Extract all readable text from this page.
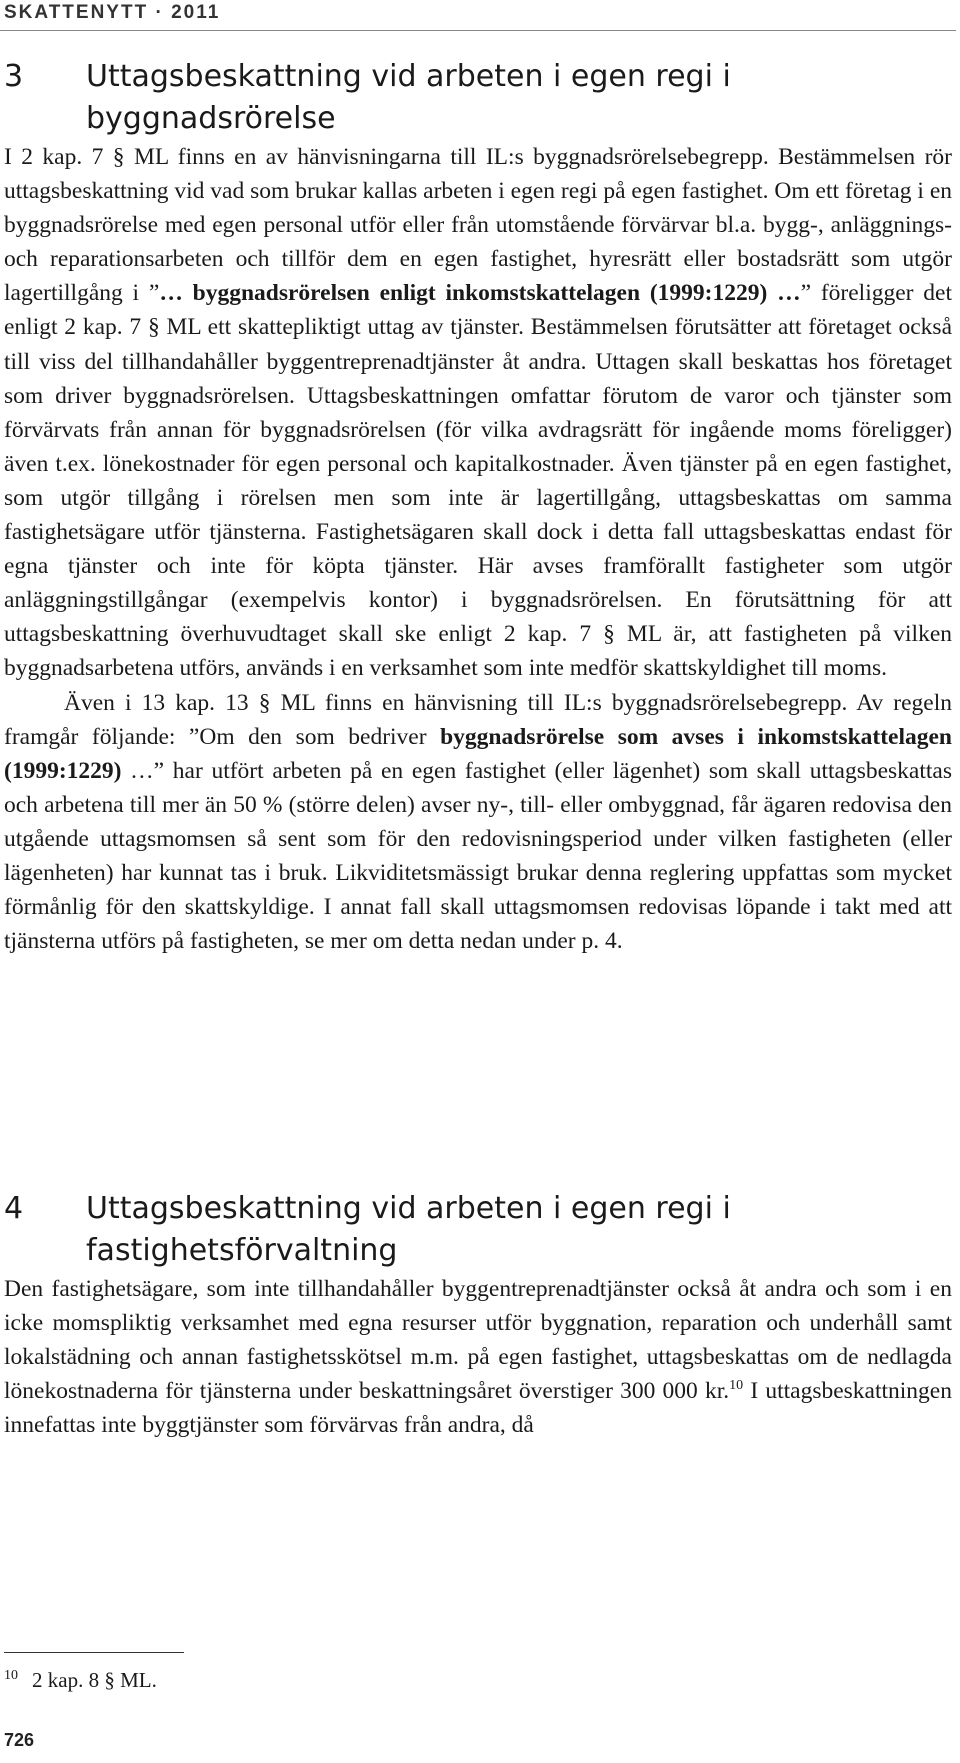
SKATTENYTT · 2011
3	Uttagsbeskattning vid arbeten i egen regi i byggnadsrörelse

I 2 kap. 7 § ML finns en av hänvisningarna till IL:s byggnadsrörelsebegrepp. Bestämmelsen rör uttagsbeskattning vid vad som brukar kallas arbeten i egen regi på egen fastighet. Om ett företag i en byggnadsrörelse med egen personal utför eller från utomstående förvärvar bl.a. bygg-, anläggnings- och reparationsarbeten och tillför dem en egen fastighet, hyresrätt eller bostadsrätt som utgör lagertillgång i ”… byggnadsrörelsen enligt inkomstskattelagen (1999:1229) …” föreligger det enligt 2 kap. 7 § ML ett skattepliktigt uttag av tjänster. Bestämmelsen förutsätter att företaget också till viss del tillhandahåller byggentreprenadtjänster åt andra. Uttagen skall beskattas hos företaget som driver byggnadsrörelsen. Uttagsbeskattningen omfattar förutom de varor och tjänster som förvärvats från annan för byggnadsrörelsen (för vilka avdragsrätt för ingående moms föreligger) även t.ex. lönekostnader för egen personal och kapitalkostnader. Även tjänster på en egen fastighet, som utgör tillgång i rörelsen men som inte är lagertillgång, uttagsbeskattas om samma fastighetsägare utför tjänsterna. Fastighetsägaren skall dock i detta fall uttagsbeskattas endast för egna tjänster och inte för köpta tjänster. Här avses framförallt fastigheter som utgör anläggningstillgångar (exempelvis kontor) i byggnadsrörelsen. En förutsättning för att uttagsbeskattning överhuvudtaget skall ske enligt 2 kap. 7 § ML är, att fastigheten på vilken byggnadsarbetena utförs, används i en verksamhet som inte medför skattskyldighet till moms.

Även i 13 kap. 13 § ML finns en hänvisning till IL:s byggnadsrörelsebegrepp. Av regeln framgår följande: ”Om den som bedriver byggnadsrörelse som avses i inkomstskattelagen (1999:1229) …” har utfört arbeten på en egen fastighet (eller lägenhet) som skall uttagsbeskattas och arbetena till mer än 50 % (större delen) avser ny-, till- eller ombyggnad, får ägaren redovisa den utgående uttagsmomsen så sent som för den redovisningsperiod under vilken fastigheten (eller lägenheten) har kunnat tas i bruk. Likviditetsmässigt brukar denna reglering uppfattas som mycket förmånlig för den skattskyldige. I annat fall skall uttagsmomsen redovisas löpande i takt med att tjänsterna utförs på fastigheten, se mer om detta nedan under p. 4.

4	Uttagsbeskattning vid arbeten i egen regi i fastighetsförvaltning

Den fastighetsägare, som inte tillhandahåller byggentreprenadtjänster också åt andra och som i en icke momspliktig verksamhet med egna resurser utför byggnation, reparation och underhåll samt lokalstädning och annan fastighetsskötsel m.m. på egen fastighet, uttagsbeskattas om de nedlagda lönekostnaderna för tjänsterna under beskattningsåret överstiger 300 000 kr.$^{10}$ I uttagsbeskattningen innefattas inte byggtjänster som förvärvas från andra, då

$^{10}$ 2 kap. 8 § ML.
726
